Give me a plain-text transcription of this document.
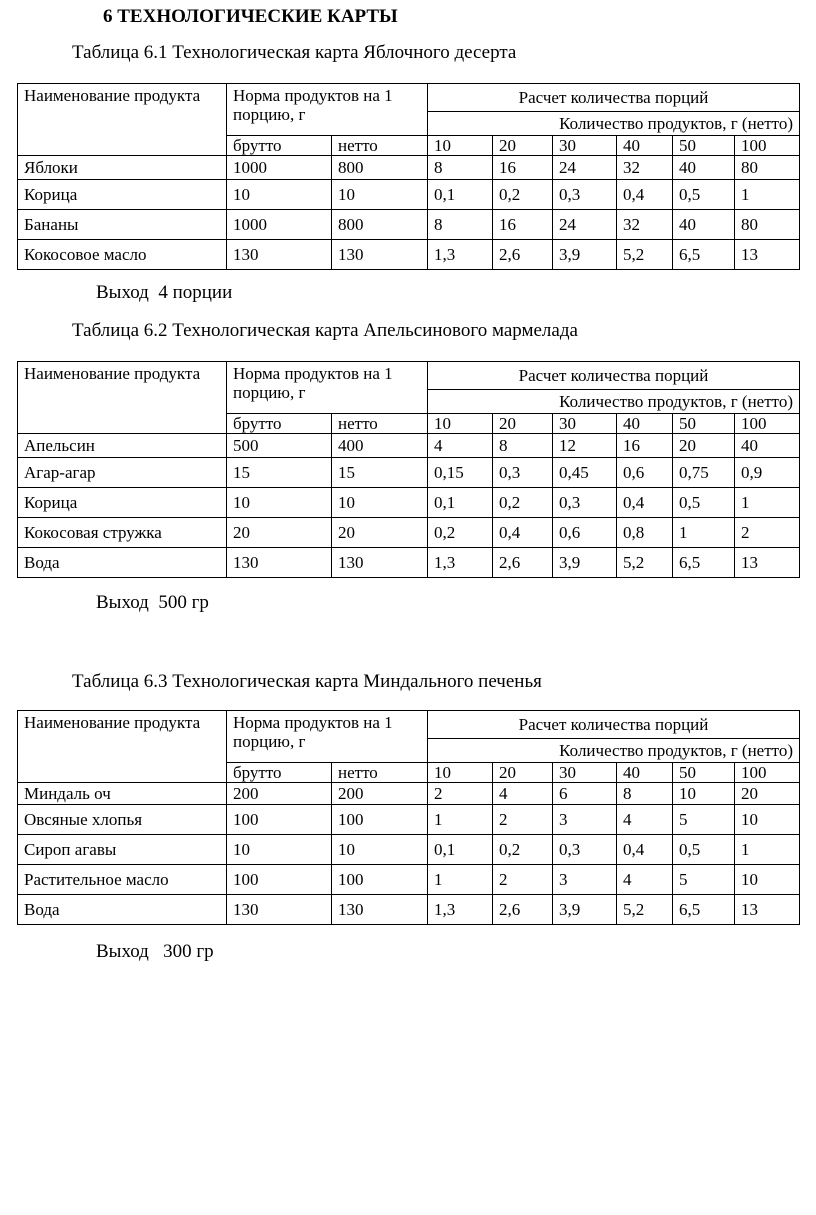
6 ТЕХНОЛОГИЧЕСКИЕ КАРТЫ
Таблица 6.1 Технологическая карта Яблочного десерта
Наименование продукта	Норма продуктов на 1 порцию, г		Расчет количества порций					
			Количество продуктов, г (нетто)					
	брутто	нетто	10	20	30	40	50	100
Яблоки	1000	800	8	16	24	32	40	80
Корица	10	10	0,1	0,2	0,3	0,4	0,5	1
Бананы	1000	800	8	16	24	32	40	80
Кокосовое масло	130	130	1,3	2,6	3,9	5,2	6,5	13
Выход  4 порции
Таблица 6.2 Технологическая карта Апельсинового мармелада
Наименование продукта	Норма продуктов на 1 порцию, г		Расчет количества порций					
			Количество продуктов, г (нетто)					
	брутто	нетто	10	20	30	40	50	100
Апельсин	500	400	4	8	12	16	20	40
Агар-агар	15	15	0,15	0,3	0,45	0,6	0,75	0,9
Корица	10	10	0,1	0,2	0,3	0,4	0,5	1
Кокосовая стружка	20	20	0,2	0,4	0,6	0,8	1	2
Вода	130	130	1,3	2,6	3,9	5,2	6,5	13
Выход  500 гр
Таблица 6.3 Технологическая карта Миндального печенья
Наименование продукта	Норма продуктов на 1 порцию, г		Расчет количества порций					
			Количество продуктов, г (нетто)					
	брутто	нетто	10	20	30	40	50	100
Миндаль оч	200	200	2	4	6	8	10	20
Овсяные хлопья	100	100	1	2	3	4	5	10
Сироп агавы	10	10	0,1	0,2	0,3	0,4	0,5	1
Растительное масло	100	100	1	2	3	4	5	10
Вода	130	130	1,3	2,6	3,9	5,2	6,5	13
Выход   300 гр
